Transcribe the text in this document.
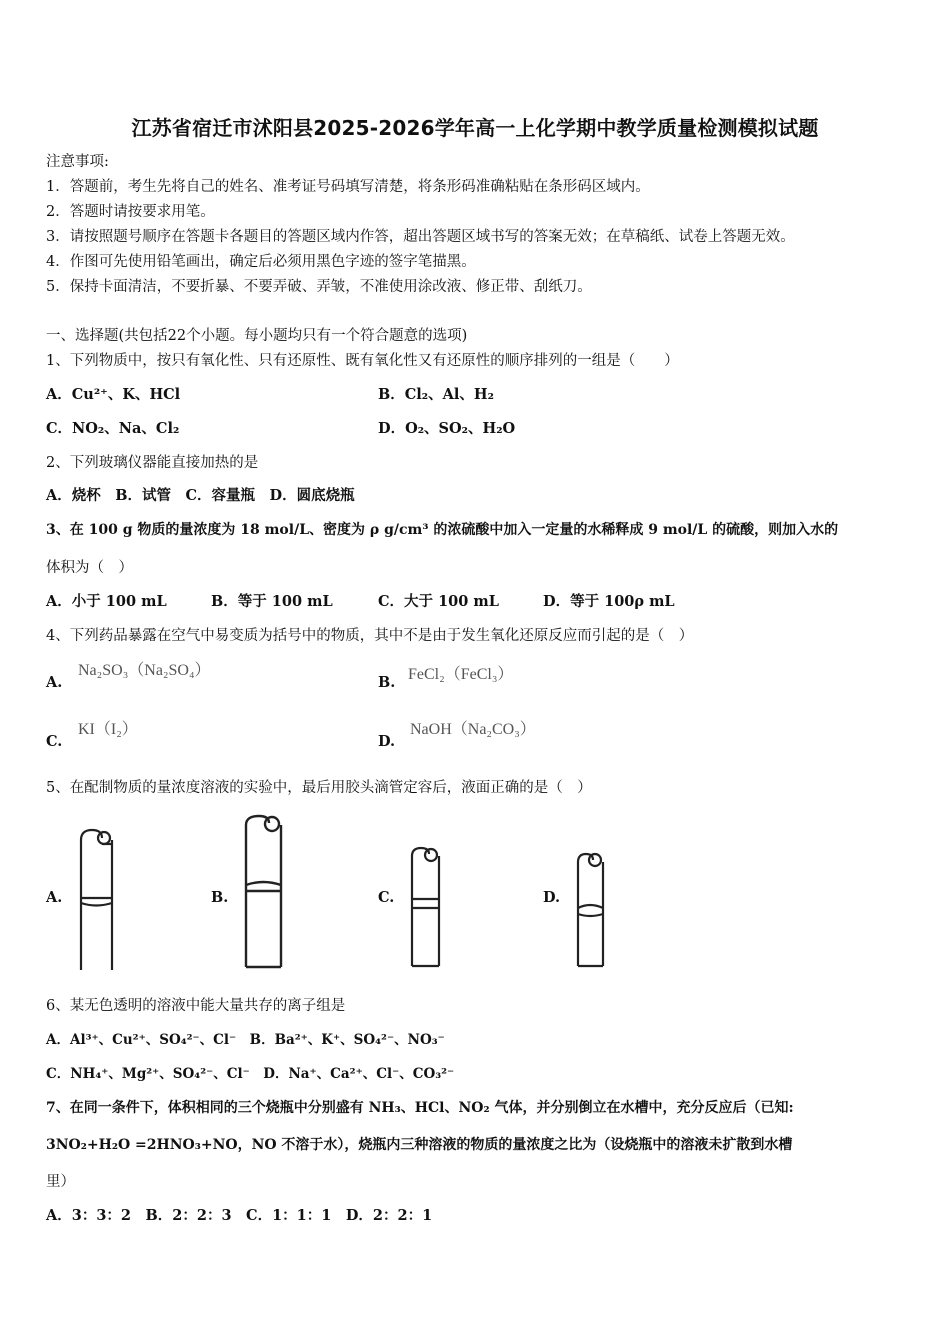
江苏省宿迁市沭阳县2025-2026学年高一上化学期中教学质量检测模拟试题
注意事项:
1．答题前，考生先将自己的姓名、准考证号码填写清楚，将条形码准确粘贴在条形码区域内。
2．答题时请按要求用笔。
3．请按照题号顺序在答题卡各题目的答题区域内作答，超出答题区域书写的答案无效；在草稿纸、试卷上答题无效。
4．作图可先使用铅笔画出，确定后必须用黑色字迹的签字笔描黑。
5．保持卡面清洁，不要折暴、不要弄破、弄皱，不准使用涂改液、修正带、刮纸刀。
一、选择题(共包括22个小题。每小题均只有一个符合题意的选项)
1、下列物质中，按只有氧化性、只有还原性、既有氧化性又有还原性的顺序排列的一组是（　　）
A．Cu²⁺、K、HCl	B．Cl₂、Al、H₂
C．NO₂、Na、Cl₂	D．O₂、SO₂、H₂O
2、下列玻璃仪器能直接加热的是
A．烧杯　B．试管　C．容量瓶　D．圆底烧瓶
3、在 100 g 物质的量浓度为 18 mol/L、密度为 ρ g/cm³ 的浓硫酸中加入一定量的水稀释成 9 mol/L 的硫酸，则加入水的
体积为（　）
A．小于 100 mL	B．等于 100 mL	C．大于 100 mL	D．等于 100ρ mL
4、下列药品暴露在空气中易变质为括号中的物质，其中不是由于发生氧化还原反应而引起的是（　）
A.
Na₂SO₃（Na₂SO₄）
B. FeCl₂（FeCl₃）
C.
KI（I₂）
D.
NaOH（Na₂CO₃）
5、在配制物质的量浓度溶液的实验中，最后用胶头滴管定容后，液面正确的是（　）
A.	B.	C.	D.
6、某无色透明的溶液中能大量共存的离子组是
A．Al³⁺、Cu²⁺、SO₄²⁻、Cl⁻　B．Ba²⁺、K⁺、SO₄²⁻、NO₃⁻
C．NH₄⁺、Mg²⁺、SO₄²⁻、Cl⁻　D．Na⁺、Ca²⁺、Cl⁻、CO₃²⁻
7、在同一条件下，体积相同的三个烧瓶中分别盛有 NH₃、HCl、NO₂ 气体，并分别倒立在水槽中，充分反应后（已知:
3NO₂+H₂O =2HNO₃+NO，NO 不溶于水），烧瓶内三种溶液的物质的量浓度之比为（设烧瓶中的溶液未扩散到水槽
里）
A．3：3：2　B．2：2：3　C．1：1：1　D．2：2：1
